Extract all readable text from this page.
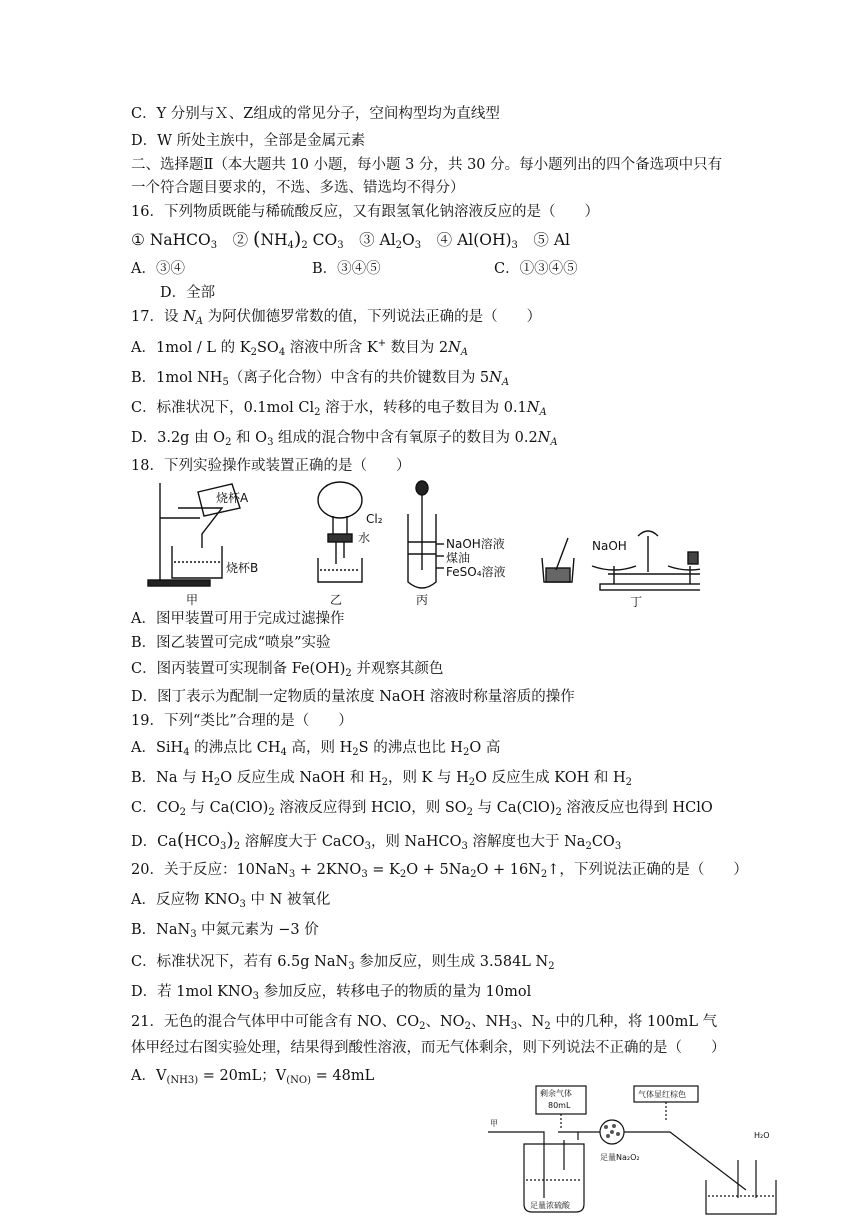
C．Y 分别与Ｘ、Z组成的常见分子，空间构型均为直线型
D．W 所处主族中，全部是金属元素
二、选择题Ⅱ（本大题共 10 小题，每小题 3 分，共 30 分。每小题列出的四个备选项中只有
一个符合题目要求的，不选、多选、错选均不得分）
16．下列物质既能与稀硫酸反应，又有跟氢氧化钠溶液反应的是（　　）
① NaHCO$_3$　② $(NH_4)_2$ $CO_3$　③ $Al_2O_3$　④ $Al(OH)_3$　⑤ Al
A．③④	B．③④⑤	C．①③④⑤
D．全部
17．设 $N_A$ 为阿伏伽德罗常数的值，下列说法正确的是（　　）
A．1mol / L 的 $K_2SO_4$ 溶液中所含 K+ 数目为 $2N_A$
B．1mol $NH_5$（离子化合物）中含有的共价键数目为 $5N_A$
C．标准状况下，0.1mol $Cl_2$ 溶于水，转移的电子数目为 $0.1N_A$
D．3.2g 由 $O_2$ 和 $O_3$ 组成的混合物中含有氧原子的数目为 $0.2N_A$
18．下列实验操作或装置正确的是（　　）
烧杯A
烧杯B
甲
Cl₂
水
乙
NaOH溶液
煤油
FeSO₄溶液
丙
NaOH
丁
A．图甲装置可用于完成过滤操作
B．图乙装置可完成“喷泉”实验
C．图丙装置可实现制备 $Fe(OH)_2$ 并观察其颜色
D．图丁表示为配制一定物质的量浓度 NaOH 溶液时称量溶质的操作
19．下列“类比”合理的是（　　）
A．SiH$_4$ 的沸点比 $CH_4$ 高，则 $H_2S$ 的沸点也比 $H_2O$ 高
B．Na 与 $H_2O$ 反应生成 NaOH 和 $H_2$，则 K 与 $H_2O$ 反应生成 KOH 和 $H_2$
C．$CO_2$ 与 $Ca(ClO)_2$ 溶液反应得到 HClO，则 $SO_2$ 与 $Ca(ClO)_2$ 溶液反应也得到 HClO
D．$Ca(HCO_3)_2$ 溶解度大于 CaCO$_3$，则 NaHCO$_3$ 溶解度也大于 $Na_2CO_3$
20．关于反应：$10NaN_3 + 2KNO_3 = K_2O + 5Na_2O$ + $16N_2↑$，下列说法正确的是（　　）
A．反应物 $KNO_3$ 中 N 被氧化
B．NaN$_3$ 中氮元素为 −3 价
C．标准状况下，若有 6.5g NaN$_3$ 参加反应，则生成 3.584L $N_2$
D．若 1mol $KNO_3$ 参加反应，转移电子的物质的量为 10mol
21．无色的混合气体甲中可能含有 NO、$CO_2$、$NO_2$、$NH_3$、$N_2$ 中的几种，将 100mL 气
体甲经过右图实验处理，结果得到酸性溶液，而无气体剩余，则下列说法不正确的是（　　）
A．$V_{(NH3)} = 20mL$；$V_{(NO)} = 48mL$
剩余气体
80mL
气体显红棕色
甲
足量Na₂O₂
足量浓硫酸
H₂O
